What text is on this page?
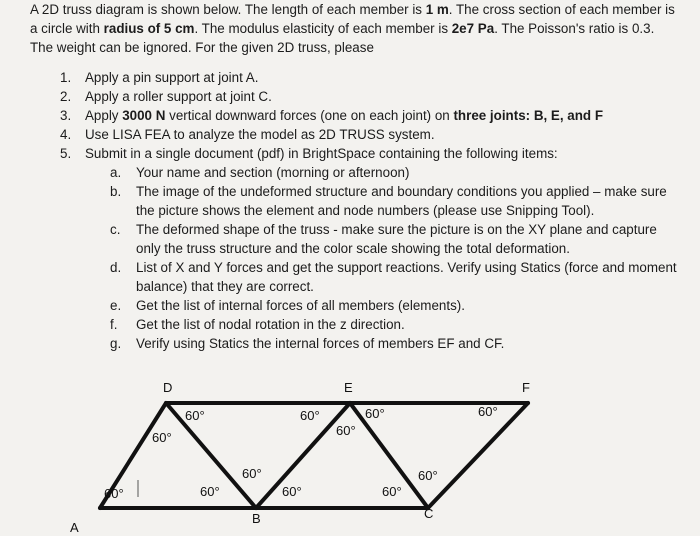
A 2D truss diagram is shown below. The length of each member is 1 m. The cross section of each member is a circle with radius of 5 cm. The modulus elasticity of each member is 2e7 Pa. The Poisson's ratio is 0.3. The weight can be ignored. For the given 2D truss, please

1.	Apply a pin support at joint A.
2.	Apply a roller support at joint C.
3.	Apply 3000 N vertical downward forces (one on each joint) on three joints: B, E, and F
4.	Use LISA FEA to analyze the model as 2D TRUSS system.
5.	Submit in a single document (pdf) in BrightSpace containing the following items:
a.	Your name and section (morning or afternoon)
b.	The image of the undeformed structure and boundary conditions you applied – make sure the picture shows the element and node numbers (please use Snipping Tool).
c.	The deformed shape of the truss - make sure the picture is on the XY plane and capture only the truss structure and the color scale showing the total deformation.
d.	List of X and Y forces and get the support reactions. Verify using Statics (force and moment balance) that they are correct.
e.	Get the list of internal forces of all members (elements).
f.	Get the list of nodal rotation in the z direction.
g.	Verify using Statics the internal forces of members EF and CF.
D	E	F
A
B	C
60°
60°	60°
60°
60°	60°
60°	60°
60°	60°	60°	60°
